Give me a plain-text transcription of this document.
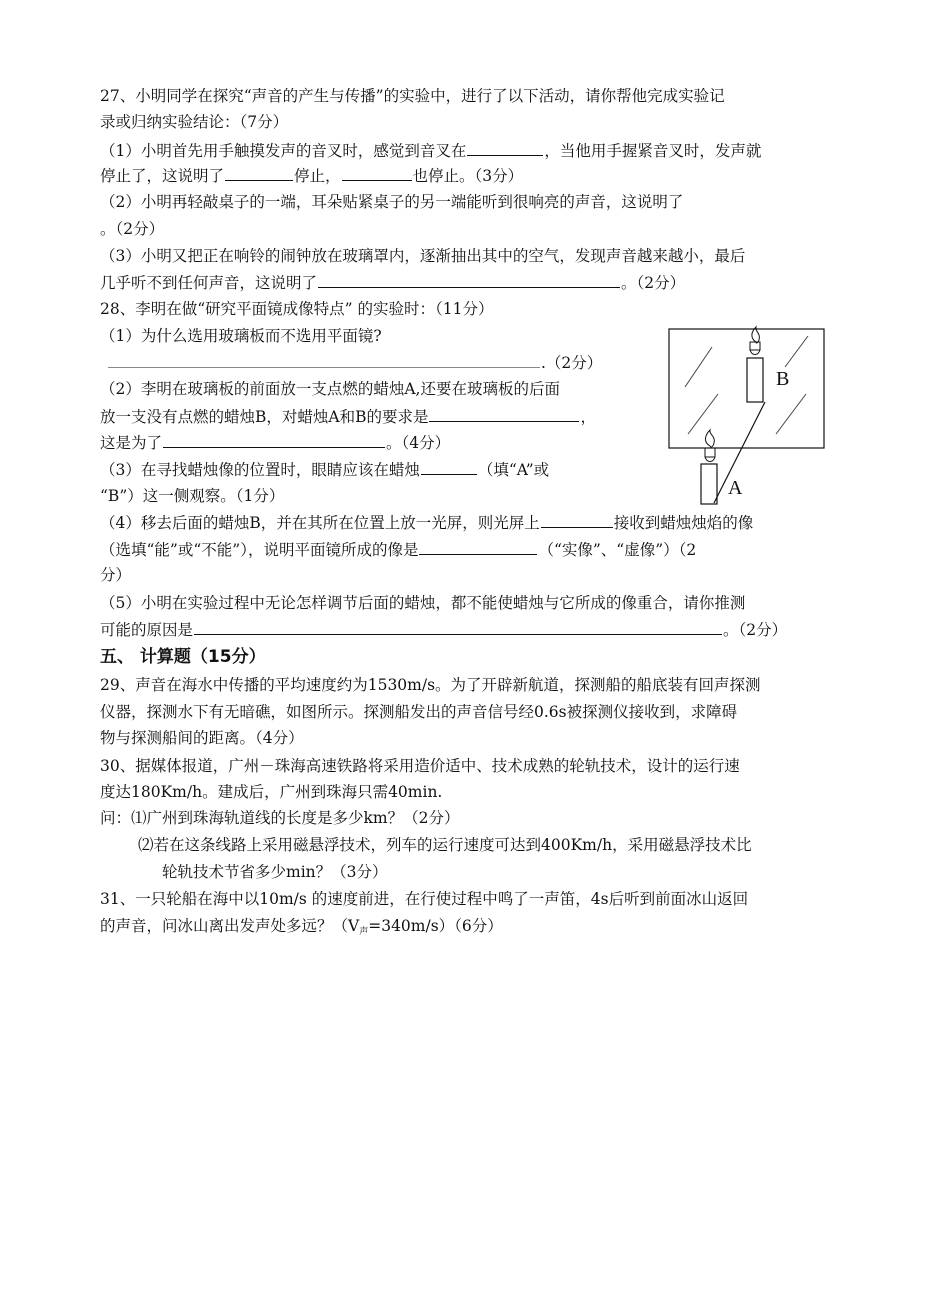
27、小明同学在探究“声音的产生与传播”的实验中，进行了以下活动，请你帮他完成实验记
录或归纳实验结论：（7分）
（1）小明首先用手触摸发声的音叉时，感觉到音叉在	，当他用手握紧音叉时，发声就
停止了，这说明了	停止，	也停止。（3分）
（2）小明再轻敲桌子的一端，耳朵贴紧桌子的另一端能听到很响亮的声音，这说明了
。（2分）
（3）小明又把正在响铃的闹钟放在玻璃罩内，逐渐抽出其中的空气，发现声音越来越小，最后
几乎听不到任何声音，这说明了	。（2分）
28、李明在做“研究平面镜成像特点” 的实验时：（11分）
（1）为什么选用玻璃板而不选用平面镜?
.（2分）
（2）李明在玻璃板的前面放一支点燃的蜡烛A,还要在玻璃板的后面
放一支没有点燃的蜡烛B，对蜡烛A和B的要求是	，
这是为了	。（4分）
（3）在寻找蜡烛像的位置时，眼睛应该在蜡烛	（填“A”或
“B”）这一侧观察。（1分）
（4）移去后面的蜡烛B，并在其所在位置上放一光屏，则光屏上	接收到蜡烛烛焰的像
（选填“能”或“不能”），说明平面镜所成的像是	（“实像”、“虚像”）（2
分）
（5）小明在实验过程中无论怎样调节后面的蜡烛，都不能使蜡烛与它所成的像重合，请你推测
可能的原因是	。（2分）
B
A
五、 计算题（15分）
29、声音在海水中传播的平均速度约为1530m/s。为了开辟新航道，探测船的船底装有回声探测
仪器，探测水下有无暗礁，如图所示。探测船发出的声音信号经0.6s被探测仪接收到，求障碍
物与探测船间的距离。（4分）
30、据媒体报道，广州－珠海高速铁路将采用造价适中、技术成熟的轮轨技术，设计的运行速
度达180Km/h。建成后，广州到珠海只需40min.
问：⑴广州到珠海轨道线的长度是多少km？（2分）
⑵若在这条线路上采用磁悬浮技术，列车的运行速度可达到400Km/h，采用磁悬浮技术比
轮轨技术节省多少min？（3分）
31、一只轮船在海中以10m/s 的速度前进，在行使过程中鸣了一声笛，4s后听到前面冰山返回
的声音，问冰山离出发声处多远？（V声=340m/s）（6分）
